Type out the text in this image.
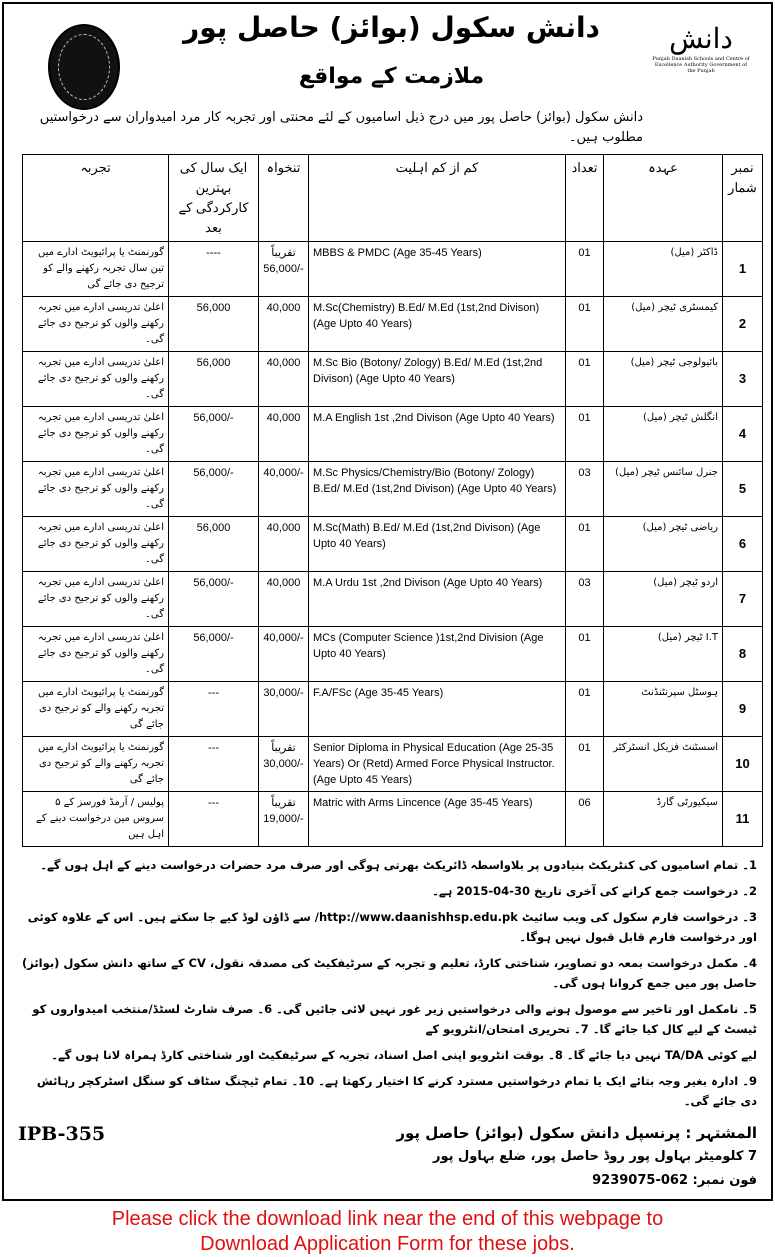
دانش سکول (بوائز) حاصل پور
ملازمت کے مواقع
دانش
Punjab Daanish Schools and Centre of Excellence Authority Government of the Punjab
دانش سکول (بوائز) حاصل پور میں درج ذیل اسامیوں کے لئے محنتی اور تجربہ کار مرد امیدواران سے درخواستیں مطلوب ہیں۔
تجربہ	ایک سال کی بہترین کارکردگی کے بعد	تنخواہ	کم از کم اہلیت	تعداد	عہدہ	نمبر شمار
گورنمنٹ یا پرائیویٹ ادارے میں تین سال تجربہ رکھنے والے کو ترجیح دی جائے گی	----	تقریباً 56,000/-	MBBS & PMDC (Age 35-45 Years)	01	ڈاکٹر (میل)	1
اعلیٰ تدریسی ادارے میں تجربہ رکھنے والوں کو ترجیح دی جائے گی۔	56,000	40,000	M.Sc(Chemistry) B.Ed/ M.Ed (1st,2nd Divison) (Age Upto 40 Years)	01	کیمسٹری ٹیچر (میل)	2
اعلیٰ تدریسی ادارے میں تجربہ رکھنے والوں کو ترجیح دی جائے گی۔	56,000	40,000	M.Sc Bio (Botony/ Zology) B.Ed/ M.Ed (1st,2nd Divison) (Age Upto 40 Years)	01	بائیولوجی ٹیچر (میل)	3
اعلیٰ تدریسی ادارے میں تجربہ رکھنے والوں کو ترجیح دی جائے گی۔	56,000/-	40,000	M.A English 1st ,2nd Divison (Age Upto 40 Years)	01	انگلش ٹیچر (میل)	4
اعلیٰ تدریسی ادارے میں تجربہ رکھنے والوں کو ترجیح دی جائے گی۔	56,000/-	40,000/-	M.Sc Physics/Chemistry/Bio (Botony/ Zology) B.Ed/ M.Ed (1st,2nd Divison) (Age Upto 40 Years)	03	جنرل سائنس ٹیچر (میل)	5
اعلیٰ تدریسی ادارے میں تجربہ رکھنے والوں کو ترجیح دی جائے گی۔	56,000	40,000	M.Sc(Math) B.Ed/ M.Ed (1st,2nd Divison) (Age Upto 40 Years)	01	ریاضی ٹیچر (میل)	6
اعلیٰ تدریسی ادارے میں تجربہ رکھنے والوں کو ترجیح دی جائے گی۔	56,000/-	40,000	M.A Urdu 1st ,2nd Divison (Age Upto 40 Years)	03	اردو ٹیچر (میل)	7
اعلیٰ تدریسی ادارے میں تجربہ رکھنے والوں کو ترجیح دی جائے گی۔	56,000/-	40,000/-	MCs (Computer Science )1st,2nd Division (Age Upto 40 Years)	01	I.T ٹیچر (میل)	8
گورنمنٹ یا پرائیویٹ ادارے میں تجربہ رکھنے والے کو ترجیح دی جائے گی	---	30,000/-	F.A/FSc (Age 35-45 Years)	01	ہوسٹل سپرنٹنڈنٹ	9
گورنمنٹ یا پرائیویٹ ادارے میں تجربہ رکھنے والے کو ترجیح دی جائے گی	---	تقریباً 30,000/-	Senior Diploma in Physical Education (Age 25-35 Years) Or (Retd) Armed Force Physical Instructor. (Age Upto 45 Years)	01	اسسٹنٹ فزیکل انسٹرکٹر	10
پولیس / آرمڈ فورسز کے ۵ سروس مین درخواست دینے کے اہل ہیں	---	تقریباً 19,000/-	Matric with Arms Lincence (Age 35-45 Years)	06	سیکیورٹی گارڈ	11
1۔ تمام اسامیوں کی کنٹریکٹ بنیادوں پر بلاواسطہ ڈائریکٹ بھرتی ہوگی اور صرف مرد حضرات درخواست دینے کے اہل ہوں گے۔
2۔ درخواست جمع کرانے کی آخری تاریخ 30-04-2015 ہے۔
3۔ درخواست فارم سکول کی ویب سائیٹ http://www.daanishhsp.edu.pk/ سے ڈاؤن لوڈ کیے جا سکتے ہیں۔ اس کے علاوہ کوئی اور درخواست فارم قابل قبول نہیں ہوگا۔
4۔ مکمل درخواست بمعہ دو تصاویر، شناختی کارڈ، تعلیم و تجربہ کے سرٹیفکیٹ کی مصدقہ نقول، CV کے ساتھ دانش سکول (بوائز) حاصل پور میں جمع کروانا ہوں گی۔
5۔ نامکمل اور تاخیر سے موصول ہونے والی درخواستیں زیر غور نہیں لائی جائیں گی۔ 6۔ صرف شارٹ لسٹڈ/منتخب امیدواروں کو ٹیسٹ کے لیے کال کیا جائے گا۔ 7۔ تحریری امتحان/انٹرویو کے
لیے کوئی TA/DA نہیں دیا جائے گا۔ 8۔ بوقت انٹرویو اپنی اصل اسناد، تجربہ کے سرٹیفکیٹ اور شناختی کارڈ ہمراہ لانا ہوں گے۔
9۔ ادارہ بغیر وجہ بتائے ایک یا تمام درخواستیں مسترد کرنے کا اختیار رکھتا ہے۔ 10۔ تمام ٹیچنگ سٹاف کو سنگل اسٹرکچر رہائش دی جائے گی۔
IPB-355	المشتہر : پرنسپل دانش سکول (بوائز) حاصل پور
7 کلومیٹر بہاول پور روڈ حاصل پور، ضلع بہاول پور
فون نمبر: 062-9239075
Please click the download link near the end of this webpage to
Download Application Form for these jobs.
